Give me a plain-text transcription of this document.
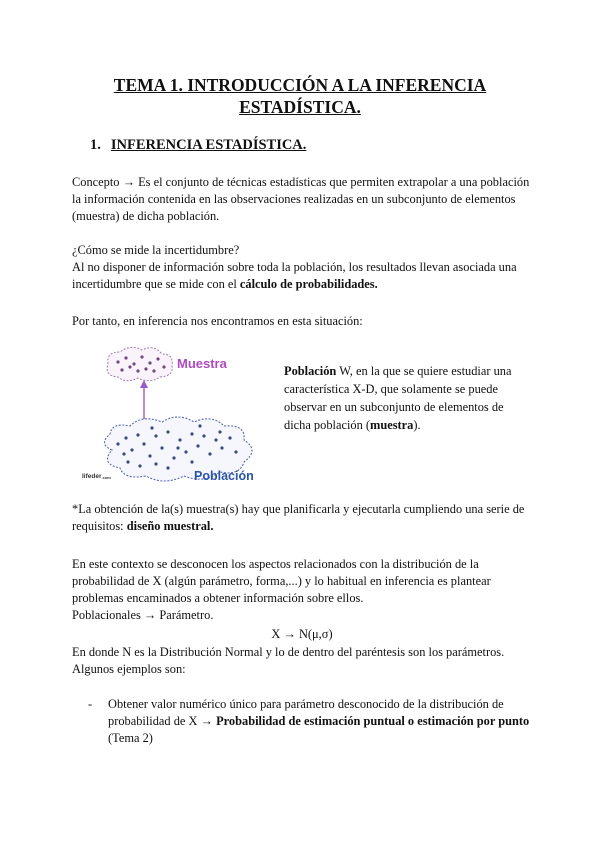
TEMA 1. INTRODUCCIÓN A LA INFERENCIA
ESTADÍSTICA.
1. INFERENCIA ESTADÍSTICA.

Concepto → Es el conjunto de técnicas estadísticas que permiten extrapolar a una población la información contenida en las observaciones realizadas en un subconjunto de elementos (muestra) de dicha población.

¿Cómo se mide la incertidumbre?

Al no disponer de información sobre toda la población, los resultados llevan asociada una incertidumbre que se mide con el cálculo de probabilidades.

Por tanto, en inferencia nos encontramos en esta situación:

Muestra
Población
lifeder.com
Población W, en la que se quiere estudiar una característica X-D, que solamente se puede observar en un subconjunto de elementos de dicha población (muestra).

*La obtención de la(s) muestra(s) hay que planificarla y ejecutarla cumpliendo una serie de requisitos: diseño muestral.

En este contexto se desconocen los aspectos relacionados con la distribución de la probabilidad de X (algún parámetro, forma,...) y lo habitual en inferencia es plantear problemas encaminados a obtener información sobre ellos.

Poblacionales → Parámetro.

X → N(μ,σ)

En donde N es la Distribución Normal y lo de dentro del paréntesis son los parámetros.

Algunos ejemplos son:

- Obtener valor numérico único para parámetro desconocido de la distribución de probabilidad de X → Probabilidad de estimación puntual o estimación por punto (Tema 2)
